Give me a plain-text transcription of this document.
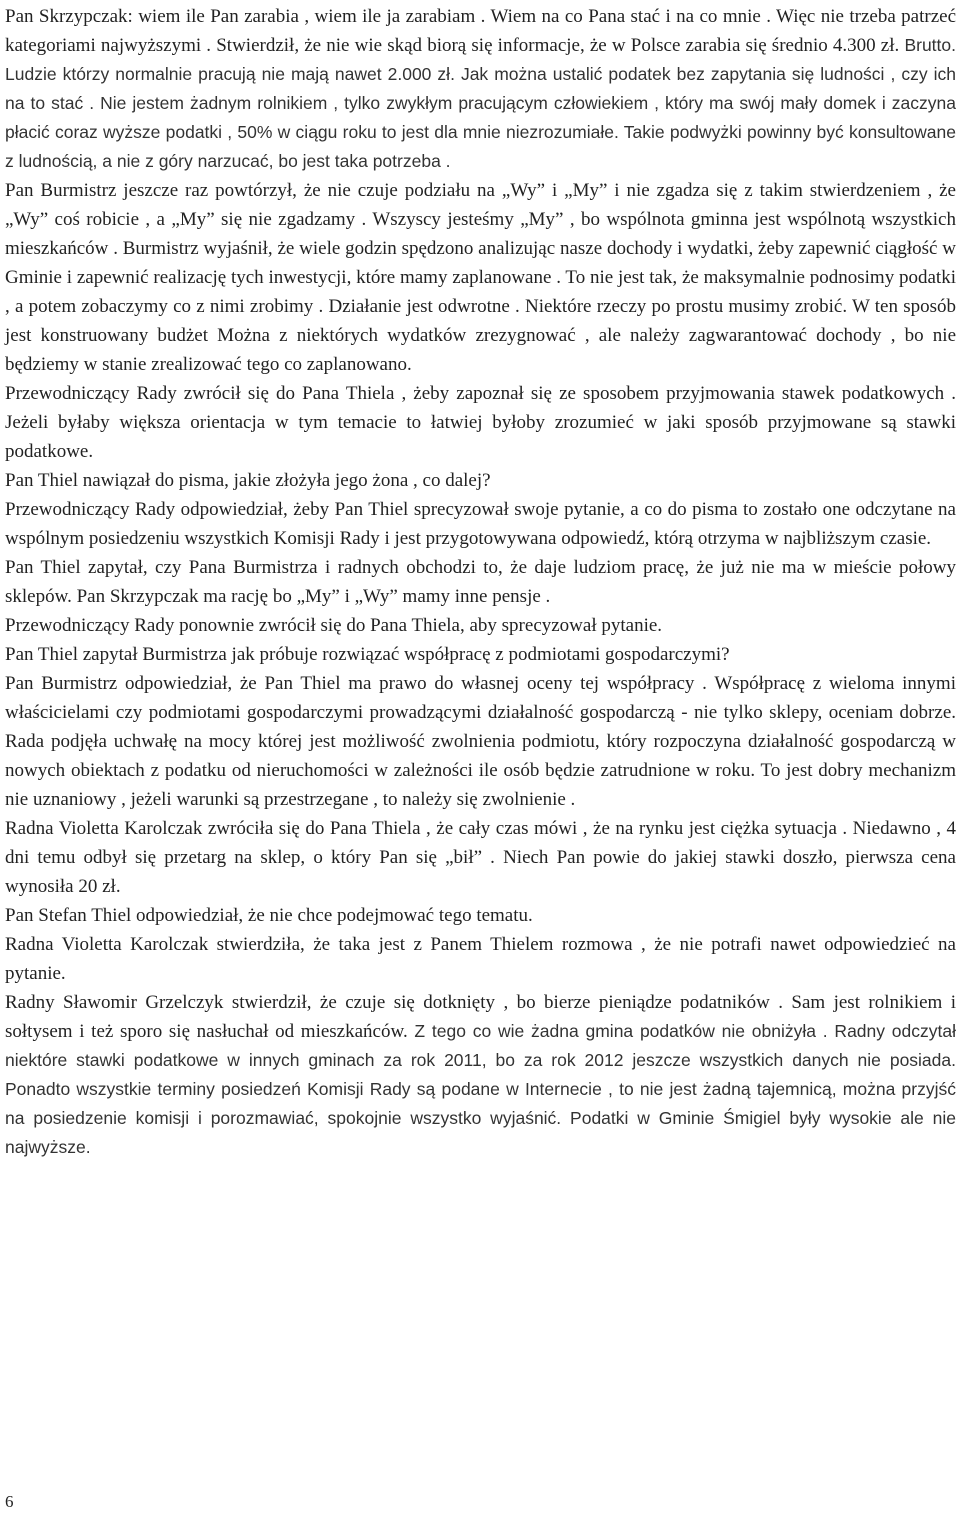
Pan Skrzypczak: wiem ile Pan zarabia , wiem ile ja zarabiam . Wiem na co Pana stać i na co mnie . Więc nie trzeba patrzeć kategoriami najwyższymi . Stwierdził, że nie wie skąd biorą się informacje, że w Polsce zarabia się średnio 4.300 zł. Brutto. Ludzie którzy normalnie pracują nie mają nawet 2.000 zł. Jak można ustalić podatek bez zapytania się ludności , czy ich na to stać . Nie jestem żadnym rolnikiem , tylko zwykłym pracującym człowiekiem , który ma swój mały domek i zaczyna płacić coraz wyższe podatki , 50% w ciągu roku to jest dla mnie niezrozumiałe. Takie podwyżki powinny być konsultowane z ludnością, a nie z góry narzucać, bo jest taka potrzeba .

Pan Burmistrz jeszcze raz powtórzył, że nie czuje podziału na „Wy” i „My” i nie zgadza się z takim stwierdzeniem , że „Wy” coś robicie , a „My” się nie zgadzamy . Wszyscy jesteśmy „My” , bo wspólnota gminna jest wspólnotą wszystkich mieszkańców . Burmistrz wyjaśnił, że wiele godzin spędzono analizując nasze dochody i wydatki, żeby zapewnić ciągłość w Gminie i zapewnić realizację tych inwestycji, które mamy zaplanowane . To nie jest tak, że maksymalnie podnosimy podatki , a potem zobaczymy co z nimi zrobimy . Działanie jest odwrotne . Niektóre rzeczy po prostu musimy zrobić. W ten sposób jest konstruowany budżet Można z niektórych wydatków zrezygnować , ale należy zagwarantować dochody , bo nie będziemy w stanie zrealizować tego co zaplanowano.

Przewodniczący Rady zwrócił się do Pana Thiela , żeby zapoznał się ze sposobem przyjmowania stawek podatkowych . Jeżeli byłaby większa orientacja w tym temacie to łatwiej byłoby zrozumieć w jaki sposób przyjmowane są stawki podatkowe.

Pan Thiel nawiązał do pisma, jakie złożyła jego żona , co dalej?

Przewodniczący Rady odpowiedział, żeby Pan Thiel sprecyzował swoje pytanie, a co do pisma to zostało one odczytane na wspólnym posiedzeniu wszystkich Komisji Rady i jest przygotowywana odpowiedź, którą otrzyma w najbliższym czasie.

Pan Thiel zapytał, czy Pana Burmistrza i radnych obchodzi to, że daje ludziom pracę, że już nie ma w mieście połowy sklepów. Pan Skrzypczak ma rację bo „My” i „Wy” mamy inne pensje .

Przewodniczący Rady ponownie zwrócił się do Pana Thiela, aby sprecyzował pytanie.

Pan Thiel zapytał Burmistrza jak próbuje rozwiązać współpracę z podmiotami gospodarczymi?

Pan Burmistrz odpowiedział, że Pan Thiel ma prawo do własnej oceny tej współpracy . Współpracę z wieloma innymi właścicielami czy podmiotami gospodarczymi prowadzącymi działalność gospodarczą - nie tylko sklepy, oceniam dobrze. Rada podjęła uchwałę na mocy której jest możliwość zwolnienia podmiotu, który rozpoczyna działalność gospodarczą w nowych obiektach z podatku od nieruchomości w zależności ile osób będzie zatrudnione w roku. To jest dobry mechanizm nie uznaniowy , jeżeli warunki są przestrzegane , to należy się zwolnienie .

Radna Violetta Karolczak zwróciła się do Pana Thiela , że cały czas mówi , że na rynku jest ciężka sytuacja . Niedawno , 4 dni temu odbył się przetarg na sklep, o który Pan się „bił” . Niech Pan powie do jakiej stawki doszło, pierwsza cena wynosiła 20 zł.

Pan Stefan Thiel odpowiedział, że nie chce podejmować tego tematu.

Radna Violetta Karolczak stwierdziła, że taka jest z Panem Thielem rozmowa , że nie potrafi nawet odpowiedzieć na pytanie.

Radny Sławomir Grzelczyk stwierdził, że czuje się dotknięty , bo bierze pieniądze podatników . Sam jest rolnikiem i sołtysem i też sporo się nasłuchał od mieszkańców. Z tego co wie żadna gmina podatków nie obniżyła . Radny odczytał niektóre stawki podatkowe w innych gminach za rok 2011, bo za rok 2012 jeszcze wszystkich danych nie posiada. Ponadto wszystkie terminy posiedzeń Komisji Rady są podane w Internecie , to nie jest żadną tajemnicą, można przyjść na posiedzenie komisji i porozmawiać, spokojnie wszystko wyjaśnić. Podatki w Gminie Śmigiel były wysokie ale nie najwyższe.

6
